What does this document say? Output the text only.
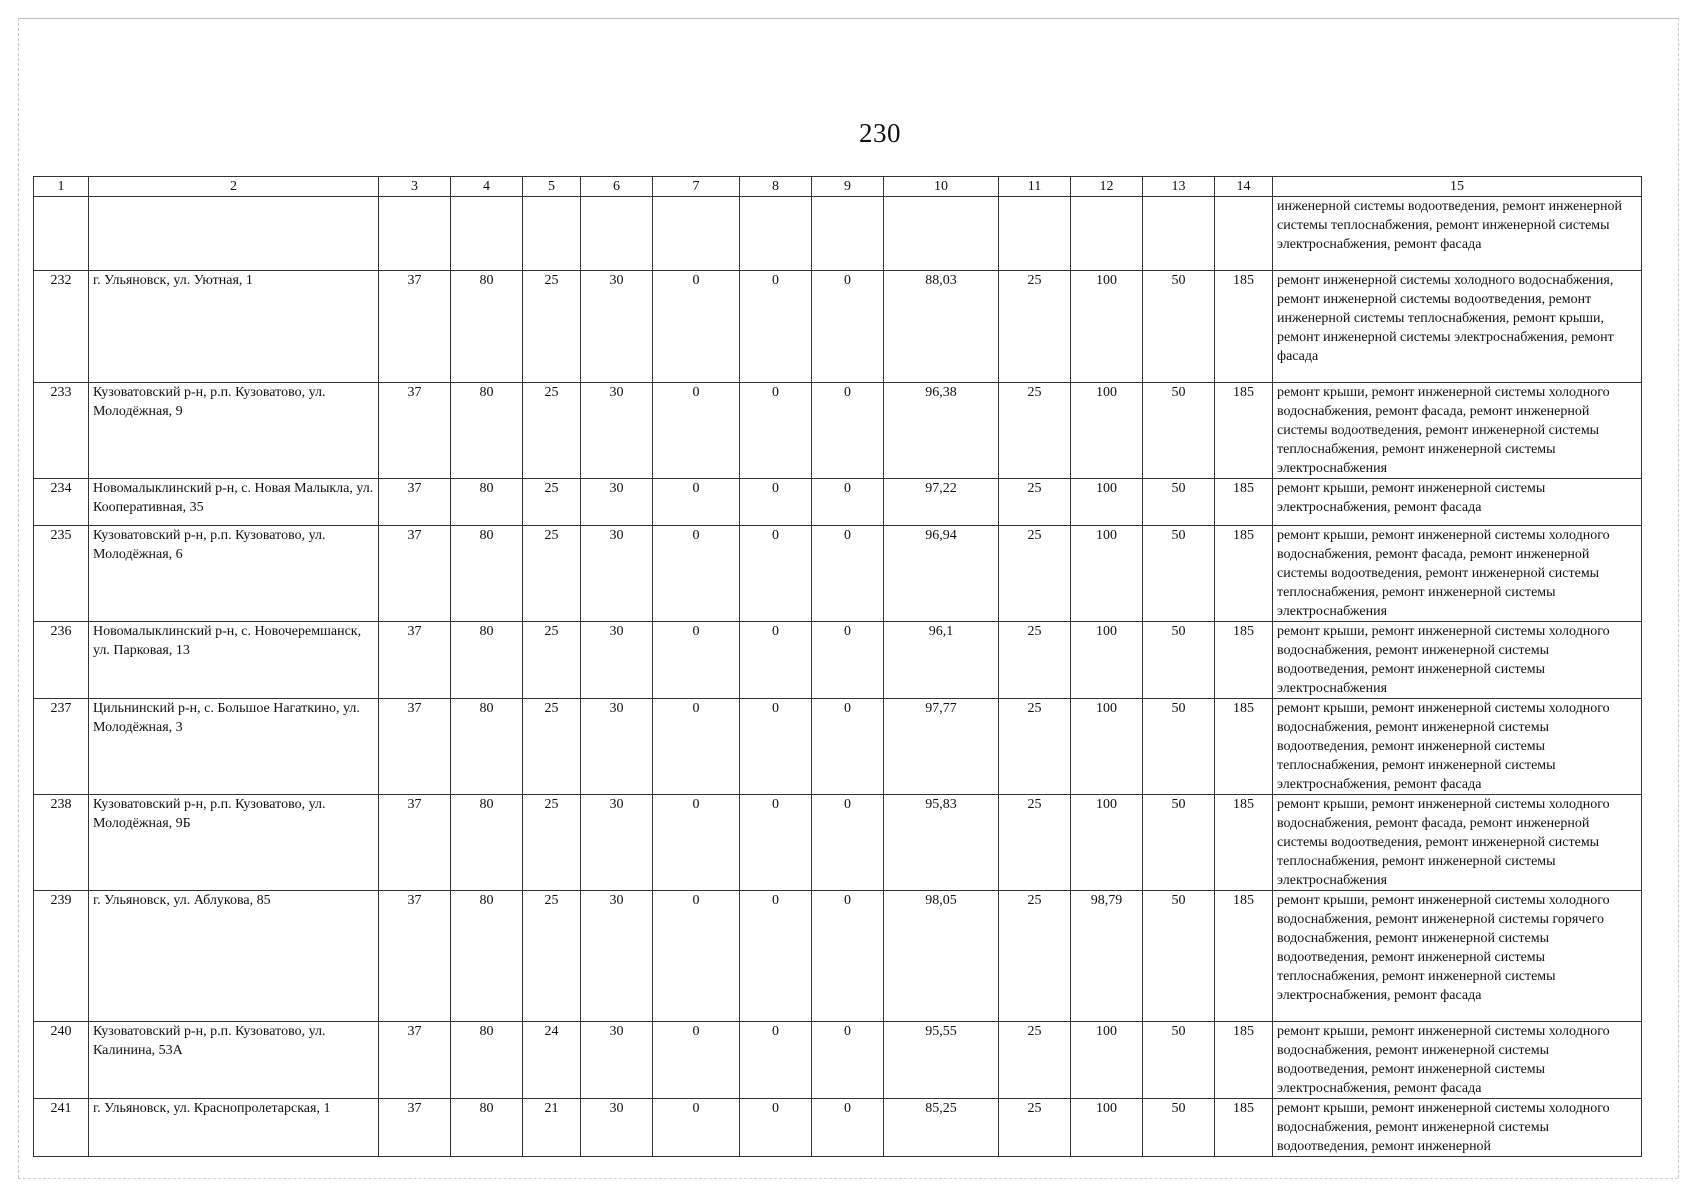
230
1	2	3	4	5	6	7	8	9	10	11	12	13	14	15
														инженерной системы водоотведения, ремонт инженерной системы теплоснабжения, ремонт инженерной системы электроснабжения, ремонт фасада
232	г. Ульяновск, ул. Уютная, 1	37	80	25	30	0	0	0	88,03	25	100	50	185	ремонт инженерной системы холодного водоснабжения, ремонт инженерной системы водоотведения, ремонт инженерной системы теплоснабжения, ремонт крыши, ремонт инженерной системы электроснабжения, ремонт фасада
233	Кузоватовский р-н, р.п. Кузоватово, ул. Молодёжная, 9	37	80	25	30	0	0	0	96,38	25	100	50	185	ремонт крыши, ремонт инженерной системы холодного водоснабжения, ремонт фасада, ремонт инженерной системы водоотведения, ремонт инженерной системы теплоснабжения, ремонт инженерной системы электроснабжения
234	Новомалыклинский р-н, с. Новая Малыкла, ул. Кооперативная, 35	37	80	25	30	0	0	0	97,22	25	100	50	185	ремонт крыши, ремонт инженерной системы электроснабжения, ремонт фасада
235	Кузоватовский р-н, р.п. Кузоватово, ул. Молодёжная, 6	37	80	25	30	0	0	0	96,94	25	100	50	185	ремонт крыши, ремонт инженерной системы холодного водоснабжения, ремонт фасада, ремонт инженерной системы водоотведения, ремонт инженерной системы теплоснабжения, ремонт инженерной системы электроснабжения
236	Новомалыклинский р-н, с. Новочеремшанск, ул. Парковая, 13	37	80	25	30	0	0	0	96,1	25	100	50	185	ремонт крыши, ремонт инженерной системы холодного водоснабжения, ремонт инженерной системы водоотведения, ремонт инженерной системы электроснабжения
237	Цильнинский р-н, с. Большое Нагаткино, ул. Молодёжная, 3	37	80	25	30	0	0	0	97,77	25	100	50	185	ремонт крыши, ремонт инженерной системы холодного водоснабжения, ремонт инженерной системы водоотведения, ремонт инженерной системы теплоснабжения, ремонт инженерной системы электроснабжения, ремонт фасада
238	Кузоватовский р-н, р.п. Кузоватово, ул. Молодёжная, 9Б	37	80	25	30	0	0	0	95,83	25	100	50	185	ремонт крыши, ремонт инженерной системы холодного водоснабжения, ремонт фасада, ремонт инженерной системы водоотведения, ремонт инженерной системы теплоснабжения, ремонт инженерной системы электроснабжения
239	г. Ульяновск, ул. Аблукова, 85	37	80	25	30	0	0	0	98,05	25	98,79	50	185	ремонт крыши, ремонт инженерной системы холодного водоснабжения, ремонт инженерной системы горячего водоснабжения, ремонт инженерной системы водоотведения, ремонт инженерной системы теплоснабжения, ремонт инженерной системы электроснабжения, ремонт фасада
240	Кузоватовский р-н, р.п. Кузоватово, ул. Калинина, 53А	37	80	24	30	0	0	0	95,55	25	100	50	185	ремонт крыши, ремонт инженерной системы холодного водоснабжения, ремонт инженерной системы водоотведения, ремонт инженерной системы электроснабжения, ремонт фасада
241	г. Ульяновск, ул. Краснопролетарская, 1	37	80	21	30	0	0	0	85,25	25	100	50	185	ремонт крыши, ремонт инженерной системы холодного водоснабжения, ремонт инженерной системы водоотведения, ремонт инженерной
